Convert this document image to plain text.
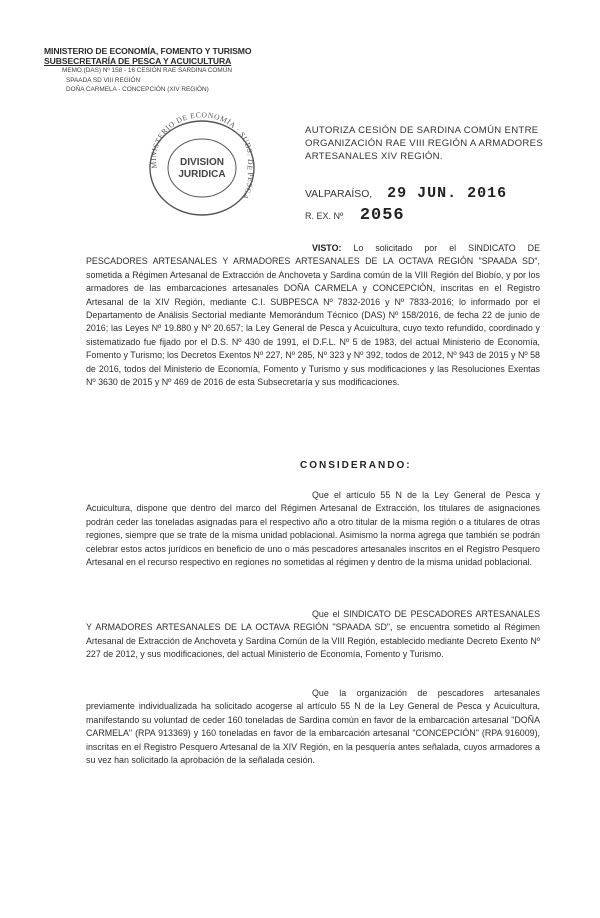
MINISTERIO DE ECONOMÍA, FOMENTO Y TURISMO
SUBSECRETARÍA DE PESCA Y ACUICULTURA
MEMO.(DAS) Nº 158 - 16 CESIÓN RAE SARDINA COMÚN
SPAADA SD VIII REGIÓN
DOÑA CARMELA - CONCEPCIÓN (XIV REGIÓN)
MINISTERIO DE ECONOMÍA · SUBS. DE PESCA
DIVISION
JURIDICA
AUTORIZA CESIÓN DE SARDINA COMÚN ENTRE ORGANIZACIÓN RAE VIII REGIÓN A ARMADORES ARTESANALES XIV REGIÓN.
VALPARAÍSO, 29 JUN. 2016
R. EX. Nº 2056
VISTO: Lo solicitado por el SINDICATO DE PESCADORES ARTESANALES Y ARMADORES ARTESANALES DE LA OCTAVA REGIÓN "SPAADA SD", sometida a Régimen Artesanal de Extracción de Anchoveta y Sardina común de la VIII Región del Biobío, y por los armadores de las embarcaciones artesanales DOÑA CARMELA y CONCEPCIÓN, inscritas en el Registro Artesanal de la XIV Región, mediante C.I. SUBPESCA Nº 7832-2016 y Nº 7833-2016; lo informado por el Departamento de Análisis Sectorial mediante Memorándum Técnico (DAS) Nº 158/2016, de fecha 22 de junio de 2016; las Leyes Nº 19.880 y Nº 20.657; la Ley General de Pesca y Acuicultura, cuyo texto refundido, coordinado y sistematizado fue fijado por el D.S. Nº 430 de 1991, el D.F.L. Nº 5 de 1983, del actual Ministerio de Economía, Fomento y Turismo; los Decretos Exentos Nº 227, Nº 285, Nº 323 y Nº 392, todos de 2012, Nº 943 de 2015 y Nº 58 de 2016, todos del Ministerio de Economía, Fomento y Turismo y sus modificaciones y las Resoluciones Exentas Nº 3630 de 2015 y Nº 469 de 2016 de esta Subsecretaría y sus modificaciones.
CONSIDERANDO:
Que el artículo 55 N de la Ley General de Pesca y Acuicultura, dispone que dentro del marco del Régimen Artesanal de Extracción, los titulares de asignaciones podrán ceder las toneladas asignadas para el respectivo año a otro titular de la misma región o a titulares de otras regiones, siempre que se trate de la misma unidad poblacional. Asimismo la norma agrega que también se podrán celebrar estos actos jurídicos en beneficio de uno o más pescadores artesanales inscritos en el Registro Pesquero Artesanal en el recurso respectivo en regiones no sometidas al régimen y dentro de la misma unidad poblacional.
Que el SINDICATO DE PESCADORES ARTESANALES Y ARMADORES ARTESANALES DE LA OCTAVA REGIÓN "SPAADA SD", se encuentra sometido al Régimen Artesanal de Extracción de Anchoveta y Sardina Común de la VIII Región, establecido mediante Decreto Exento Nº 227 de 2012, y sus modificaciones, del actual Ministerio de Economía, Fomento y Turismo.
Que la organización de pescadores artesanales previamente individualizada ha solicitado acogerse al artículo 55 N de la Ley General de Pesca y Acuicultura, manifestando su voluntad de ceder 160 toneladas de Sardina común en favor de la embarcación artesanal "DOÑA CARMELA" (RPA 913369) y 160 toneladas en favor de la embarcación artesanal "CONCEPCIÓN" (RPA 916009), inscritas en el Registro Pesquero Artesanal de la XIV Región, en la pesquería antes señalada, cuyos armadores a su vez han solicitado la aprobación de la señalada cesión.
